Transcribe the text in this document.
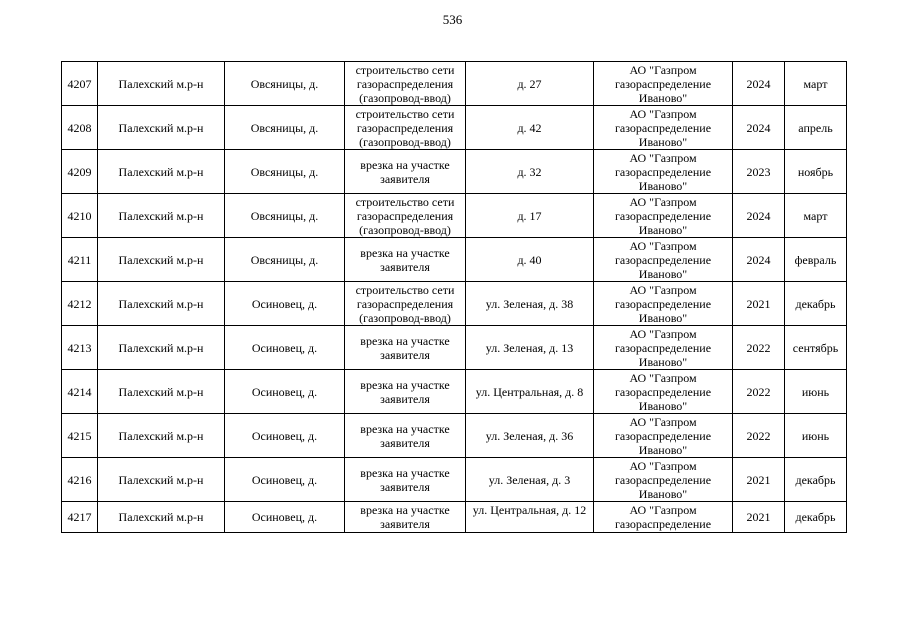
536
4207	Палехский м.р-н	Овсяницы, д.	строительство сети газораспределения (газопровод-ввод)	д. 27	АО "Газпром газораспределение Иваново"	2024	март
4208	Палехский м.р-н	Овсяницы, д.	строительство сети газораспределения (газопровод-ввод)	д. 42	АО "Газпром газораспределение Иваново"	2024	апрель
4209	Палехский м.р-н	Овсяницы, д.	врезка на участке заявителя	д. 32	АО "Газпром газораспределение Иваново"	2023	ноябрь
4210	Палехский м.р-н	Овсяницы, д.	строительство сети газораспределения (газопровод-ввод)	д. 17	АО "Газпром газораспределение Иваново"	2024	март
4211	Палехский м.р-н	Овсяницы, д.	врезка на участке заявителя	д. 40	АО "Газпром газораспределение Иваново"	2024	февраль
4212	Палехский м.р-н	Осиновец, д.	строительство сети газораспределения (газопровод-ввод)	ул. Зеленая, д. 38	АО "Газпром газораспределение Иваново"	2021	декабрь
4213	Палехский м.р-н	Осиновец, д.	врезка на участке заявителя	ул. Зеленая, д. 13	АО "Газпром газораспределение Иваново"	2022	сентябрь
4214	Палехский м.р-н	Осиновец, д.	врезка на участке заявителя	ул. Центральная, д. 8	АО "Газпром газораспределение Иваново"	2022	июнь
4215	Палехский м.р-н	Осиновец, д.	врезка на участке заявителя	ул. Зеленая, д. 36	АО "Газпром газораспределение Иваново"	2022	июнь
4216	Палехский м.р-н	Осиновец, д.	врезка на участке заявителя	ул. Зеленая, д. 3	АО "Газпром газораспределение Иваново"	2021	декабрь
4217	Палехский м.р-н	Осиновец, д.	врезка на участке заявителя	ул. Центральная, д. 12	АО "Газпром газораспределение	2021	декабрь
